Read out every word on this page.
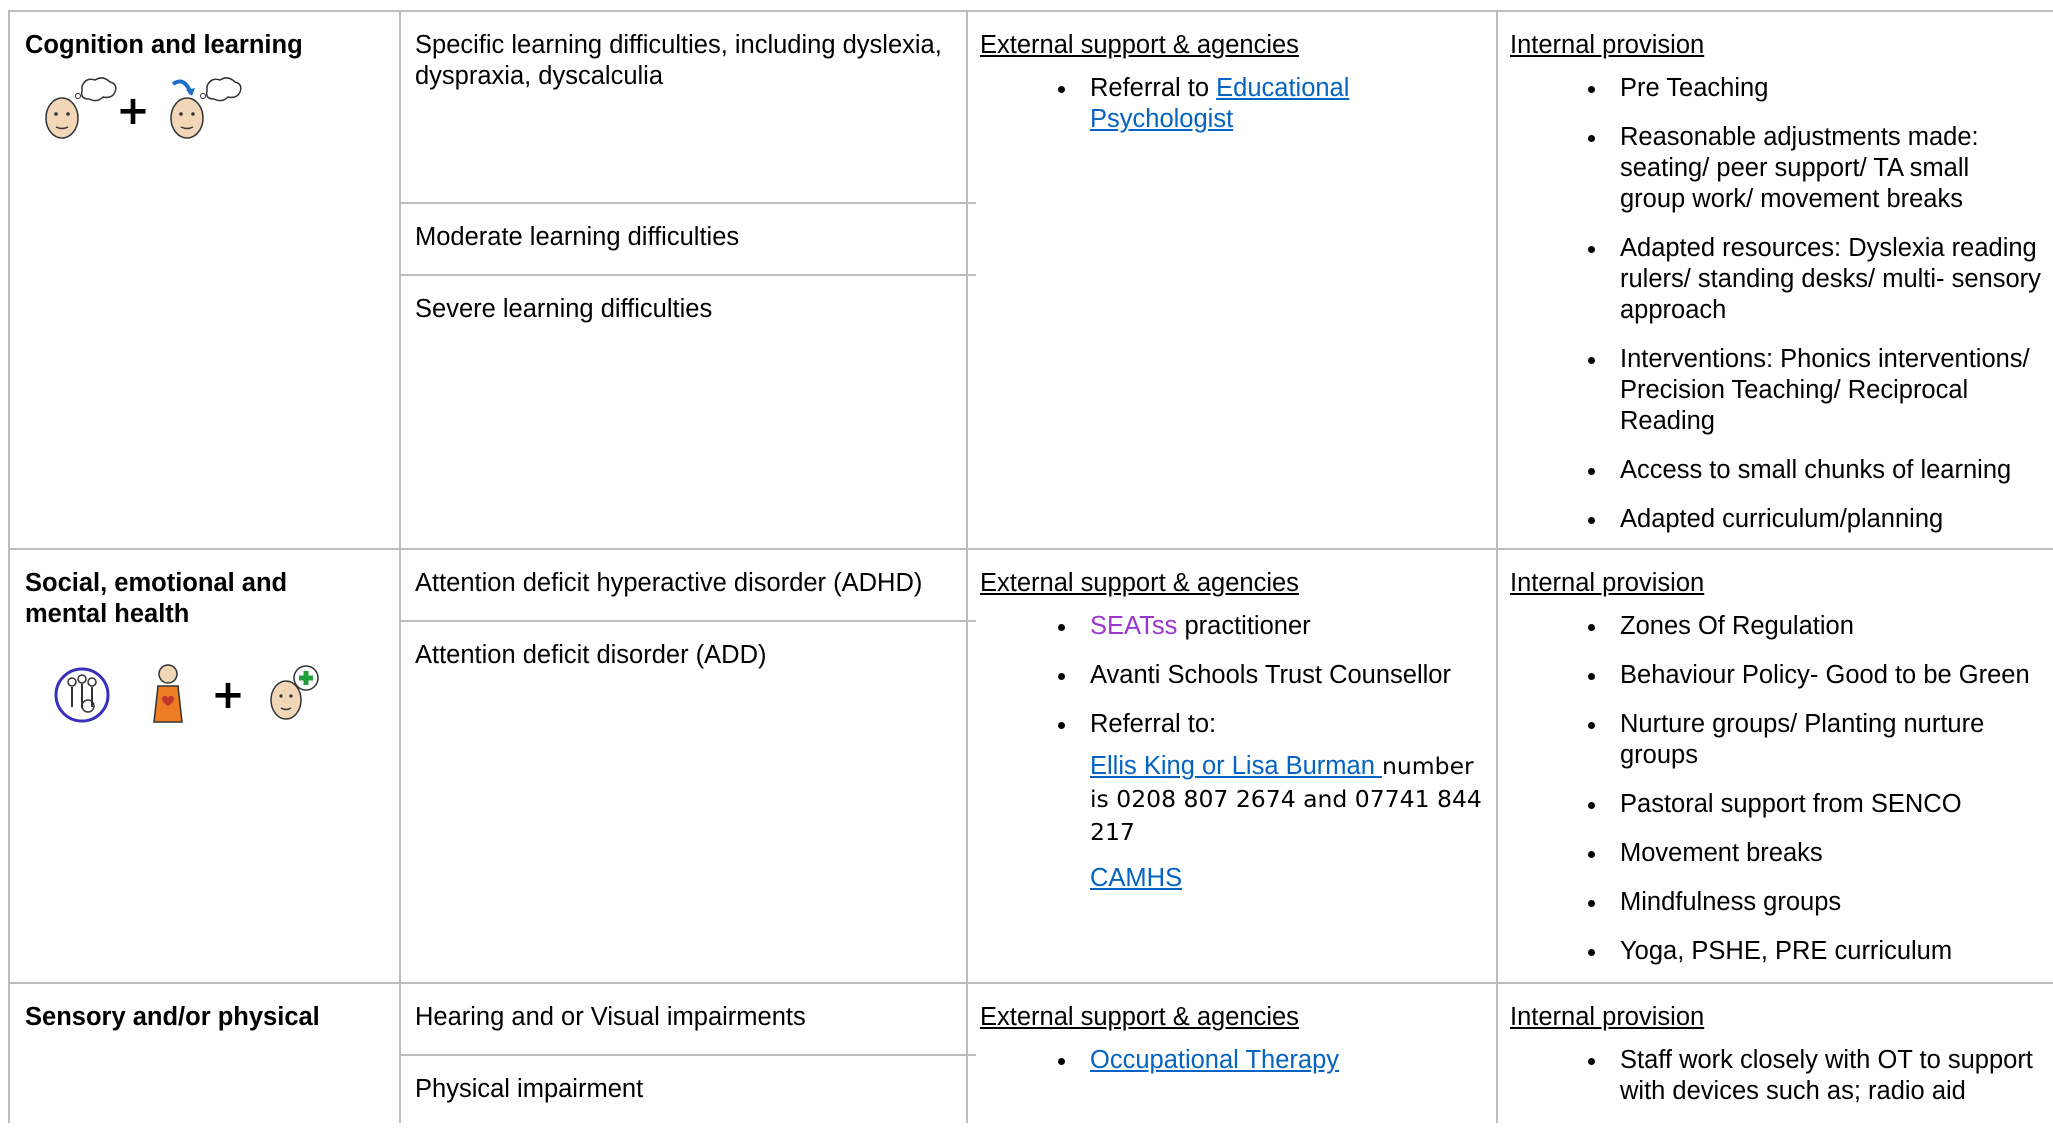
Cognition and learning
+
Specific learning difficulties, including dyslexia, dyspraxia, dyscalculia
Moderate learning difficulties
Severe learning difficulties
External support & agencies
• Referral to Educational Psychologist
Internal provision
• Pre Teaching
• Reasonable adjustments made: seating/ peer support/ TA small group work/ movement breaks
• Adapted resources: Dyslexia reading rulers/ standing desks/ multi- sensory approach
• Interventions: Phonics interventions/ Precision Teaching/ Reciprocal Reading
• Access to small chunks of learning
• Adapted curriculum/planning
Social, emotional and mental health
+
Attention deficit hyperactive disorder (ADHD)
Attention deficit disorder (ADD)
External support & agencies
• SEATss practitioner
• Avanti Schools Trust Counsellor
• Referral to:
Ellis King or Lisa Burman number is 0208 807 2674 and 07741 844 217
CAMHS
Internal provision
• Zones Of Regulation
• Behaviour Policy- Good to be Green
• Nurture groups/ Planting nurture groups
• Pastoral support from SENCO
• Movement breaks
• Mindfulness groups
• Yoga, PSHE, PRE curriculum
Sensory and/or physical	Hearing and or Visual impairments
Physical impairment
External support & agencies
• Occupational Therapy
Internal provision
• Staff work closely with OT to support with devices such as; radio aid
